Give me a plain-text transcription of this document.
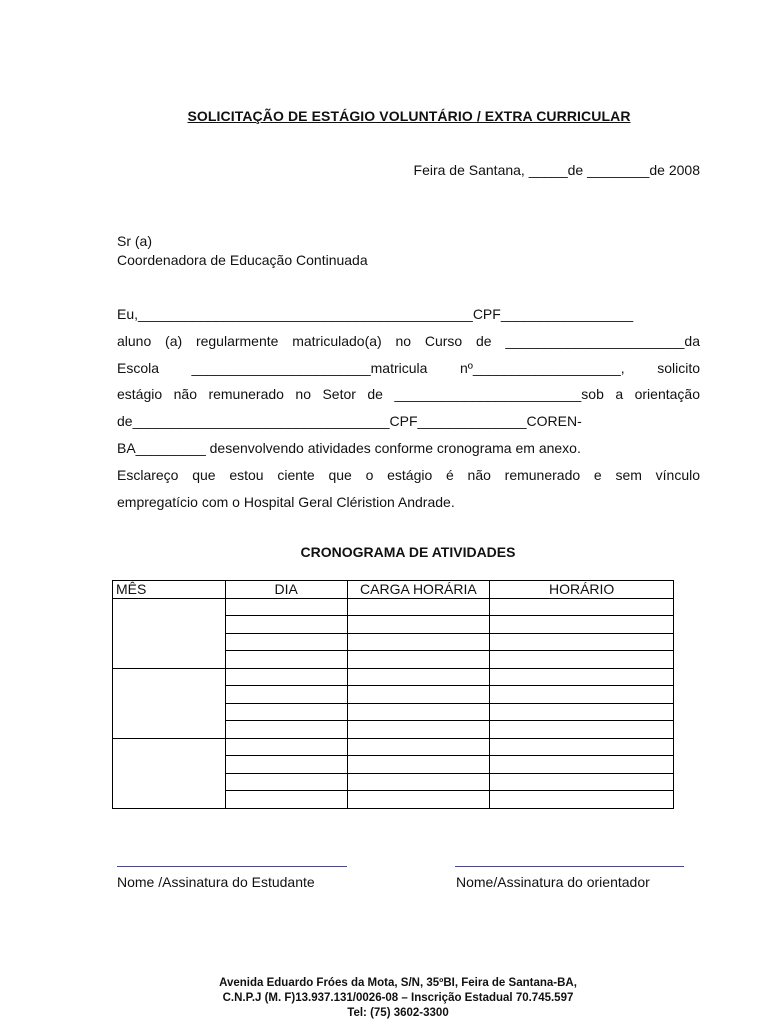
SOLICITAÇÃO DE ESTÁGIO VOLUNTÁRIO / EXTRA CURRICULAR
Feira de Santana, _____de ________de 2008
Sr (a)
Coordenadora de Educação Continuada
Eu,___________________________________________CPF_________________
aluno (a) regularmente matriculado(a) no Curso de _______________________da
Escola _______________________matricula nº___________________, solicito
estágio não remunerado no Setor de ________________________sob a orientação
de_________________________________CPF______________COREN-
BA_________ desenvolvendo atividades conforme cronograma em anexo.
Esclareço que estou ciente que o estágio é não remunerado e sem vínculo
empregatício com o Hospital Geral Cléristion Andrade.
CRONOGRAMA DE ATIVIDADES
MÊS	DIA	CARGA HORÁRIA	HORÁRIO

Nome /Assinatura do Estudante	Nome/Assinatura do orientador
Avenida Eduardo Fróes da Mota, S/N, 35ºBI, Feira de Santana-BA,
C.N.P.J (M. F)13.937.131/0026-08 – Inscrição Estadual 70.745.597
Tel: (75) 3602-3300
